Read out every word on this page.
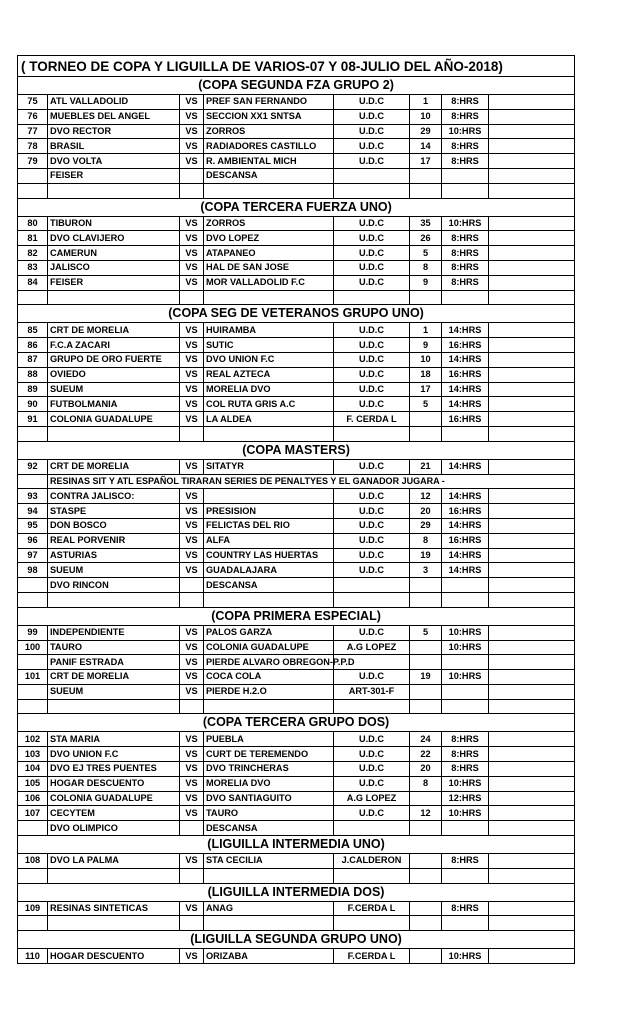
( TORNEO DE COPA Y LIGUILLA DE VARIOS-07 Y 08-JULIO DEL AÑO-2018)							
(COPA SEGUNDA FZA GRUPO 2)							
75	ATL VALLADOLID	VS	PREF SAN FERNANDO	U.D.C	1	8:HRS	
76	MUEBLES DEL ANGEL	VS	SECCION XX1 SNTSA	U.D.C	10	8:HRS	
77	DVO RECTOR	VS	ZORROS	U.D.C	29	10:HRS	
78	BRASIL	VS	RADIADORES CASTILLO	U.D.C	14	8:HRS	
79	DVO VOLTA	VS	R. AMBIENTAL MICH	U.D.C	17	8:HRS	
	FEISER		DESCANSA				

(COPA TERCERA FUERZA UNO)							
80	TIBURON	VS	ZORROS	U.D.C	35	10:HRS	
81	DVO CLAVIJERO	VS	DVO LOPEZ	U.D.C	26	8:HRS	
82	CAMERUN	VS	ATAPANEO	U.D.C	5	8:HRS	
83	JALISCO	VS	HAL DE SAN JOSE	U.D.C	8	8:HRS	
84	FEISER	VS	MOR VALLADOLID F.C	U.D.C	9	8:HRS	

(COPA SEG DE VETERANOS GRUPO UNO)							
85	CRT DE MORELIA	VS	HUIRAMBA	U.D.C	1	14:HRS	
86	F.C.A ZACARI	VS	SUTIC	U.D.C	9	16:HRS	
87	GRUPO DE ORO FUERTE	VS	DVO UNION F.C	U.D.C	10	14:HRS	
88	OVIEDO	VS	REAL AZTECA	U.D.C	18	16:HRS	
89	SUEUM	VS	MORELIA DVO	U.D.C	17	14:HRS	
90	FUTBOLMANIA	VS	COL RUTA GRIS A.C	U.D.C	5	14:HRS	
91	COLONIA GUADALUPE	VS	LA ALDEA	F. CERDA L		16:HRS	

(COPA MASTERS)							
92	CRT DE MORELIA	VS	SITATYR	U.D.C	21	14:HRS	
	RESINAS SIT Y ATL ESPAÑOL TIRARAN SERIES DE PENALTYES Y EL GANADOR JUGARA -						
93	CONTRA JALISCO:	VS		U.D.C	12	14:HRS	
94	STASPE	VS	PRESISION	U.D.C	20	16:HRS	
95	DON BOSCO	VS	FELICTAS DEL RIO	U.D.C	29	14:HRS	
96	REAL PORVENIR	VS	ALFA	U.D.C	8	16:HRS	
97	ASTURIAS	VS	COUNTRY LAS HUERTAS	U.D.C	19	14:HRS	
98	SUEUM	VS	GUADALAJARA	U.D.C	3	14:HRS	
	DVO RINCON		DESCANSA				

(COPA PRIMERA ESPECIAL)							
99	INDEPENDIENTE	VS	PALOS GARZA	U.D.C	5	10:HRS	
100	TAURO	VS	COLONIA GUADALUPE	A.G LOPEZ		10:HRS	
	PANIF ESTRADA	VS	PIERDE ALVARO OBREGON-P.P.D				
101	CRT DE MORELIA	VS	COCA COLA	U.D.C	19	10:HRS	
	SUEUM	VS	PIERDE H.2.O	ART-301-F			

(COPA TERCERA GRUPO DOS)							
102	STA MARIA	VS	PUEBLA	U.D.C	24	8:HRS	
103	DVO UNION F.C	VS	CURT DE TEREMENDO	U.D.C	22	8:HRS	
104	DVO EJ TRES PUENTES	VS	DVO TRINCHERAS	U.D.C	20	8:HRS	
105	HOGAR DESCUENTO	VS	MORELIA DVO	U.D.C	8	10:HRS	
106	COLONIA GUADALUPE	VS	DVO SANTIAGUITO	A.G LOPEZ		12:HRS	
107	CECYTEM	VS	TAURO	U.D.C	12	10:HRS	
	DVO OLIMPICO		DESCANSA				
(LIGUILLA INTERMEDIA UNO)							
108	DVO LA PALMA	VS	STA CECILIA	J.CALDERON		8:HRS	

(LIGUILLA INTERMEDIA DOS)							
109	RESINAS SINTETICAS	VS	ANAG	F.CERDA L		8:HRS	

(LIGUILLA SEGUNDA GRUPO UNO)							
110	HOGAR DESCUENTO	VS	ORIZABA	F.CERDA L		10:HRS	
